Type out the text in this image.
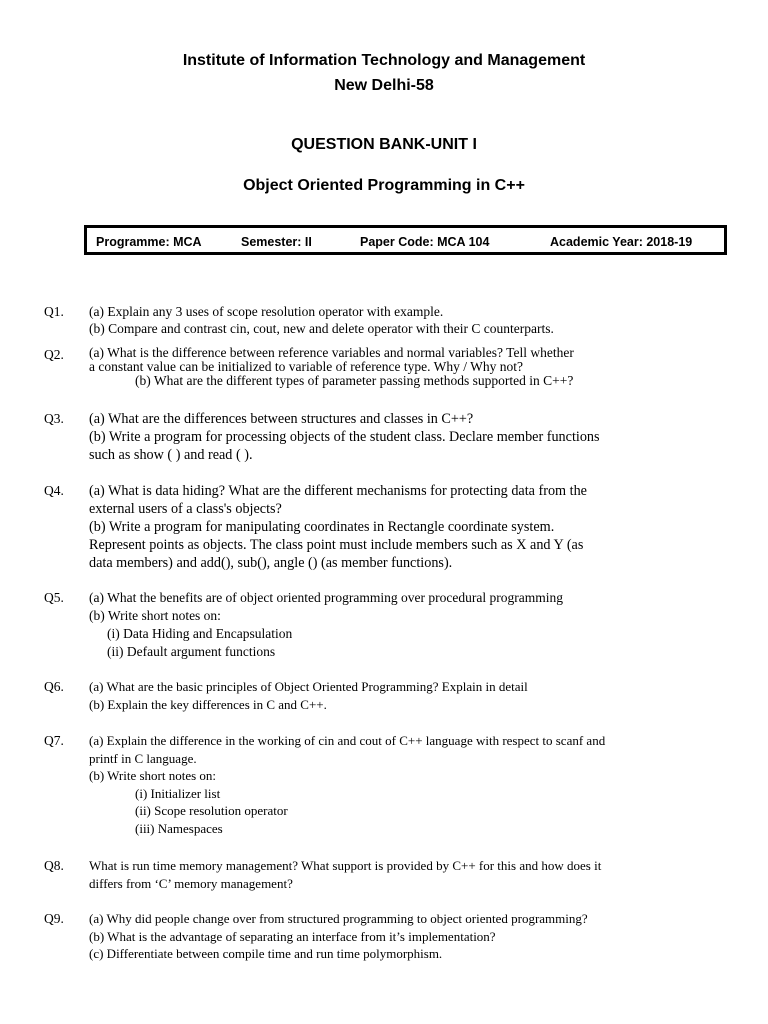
Institute of Information Technology and Management
New Delhi-58
QUESTION BANK-UNIT I
Object Oriented Programming in C++
Programme: MCA	Semester: II	Paper Code: MCA 104	Academic Year: 2018-19
Q1. (a) Explain any 3 uses of scope resolution operator with example.
(b) Compare and contrast cin, cout, new and delete operator with their C counterparts.
Q2. (a) What is the difference between reference variables and normal variables? Tell whether
a constant value can be initialized to variable of reference type. Why / Why not?
(b) What are the different types of parameter passing methods supported in C++?
Q3. (a) What are the differences between structures and classes in C++?
(b) Write a program for processing objects of the student class. Declare member functions
such as show ( ) and read ( ).
Q4. (a) What is data hiding? What are the different mechanisms for protecting data from the
external users of a class's objects?
(b) Write a program for manipulating coordinates in Rectangle coordinate system.
Represent points as objects. The class point must include members such as X and Y (as
data members) and add(), sub(), angle () (as member functions).
Q5. (a) What the benefits are of object oriented programming over procedural programming
(b) Write short notes on:
(i) Data Hiding and Encapsulation
(ii) Default argument functions
Q6. (a) What are the basic principles of Object Oriented Programming? Explain in detail
(b) Explain the key differences in C and C++.
Q7. (a) Explain the difference in the working of cin and cout of C++ language with respect to scanf and
printf in C language.
(b) Write short notes on:
(i) Initializer list
(ii) Scope resolution operator
(iii) Namespaces
Q8. What is run time memory management? What support is provided by C++ for this and how does it
differs from ‘C’ memory management?
Q9. (a) Why did people change over from structured programming to object oriented programming?
(b) What is the advantage of separating an interface from it’s implementation?
(c) Differentiate between compile time and run time polymorphism.
